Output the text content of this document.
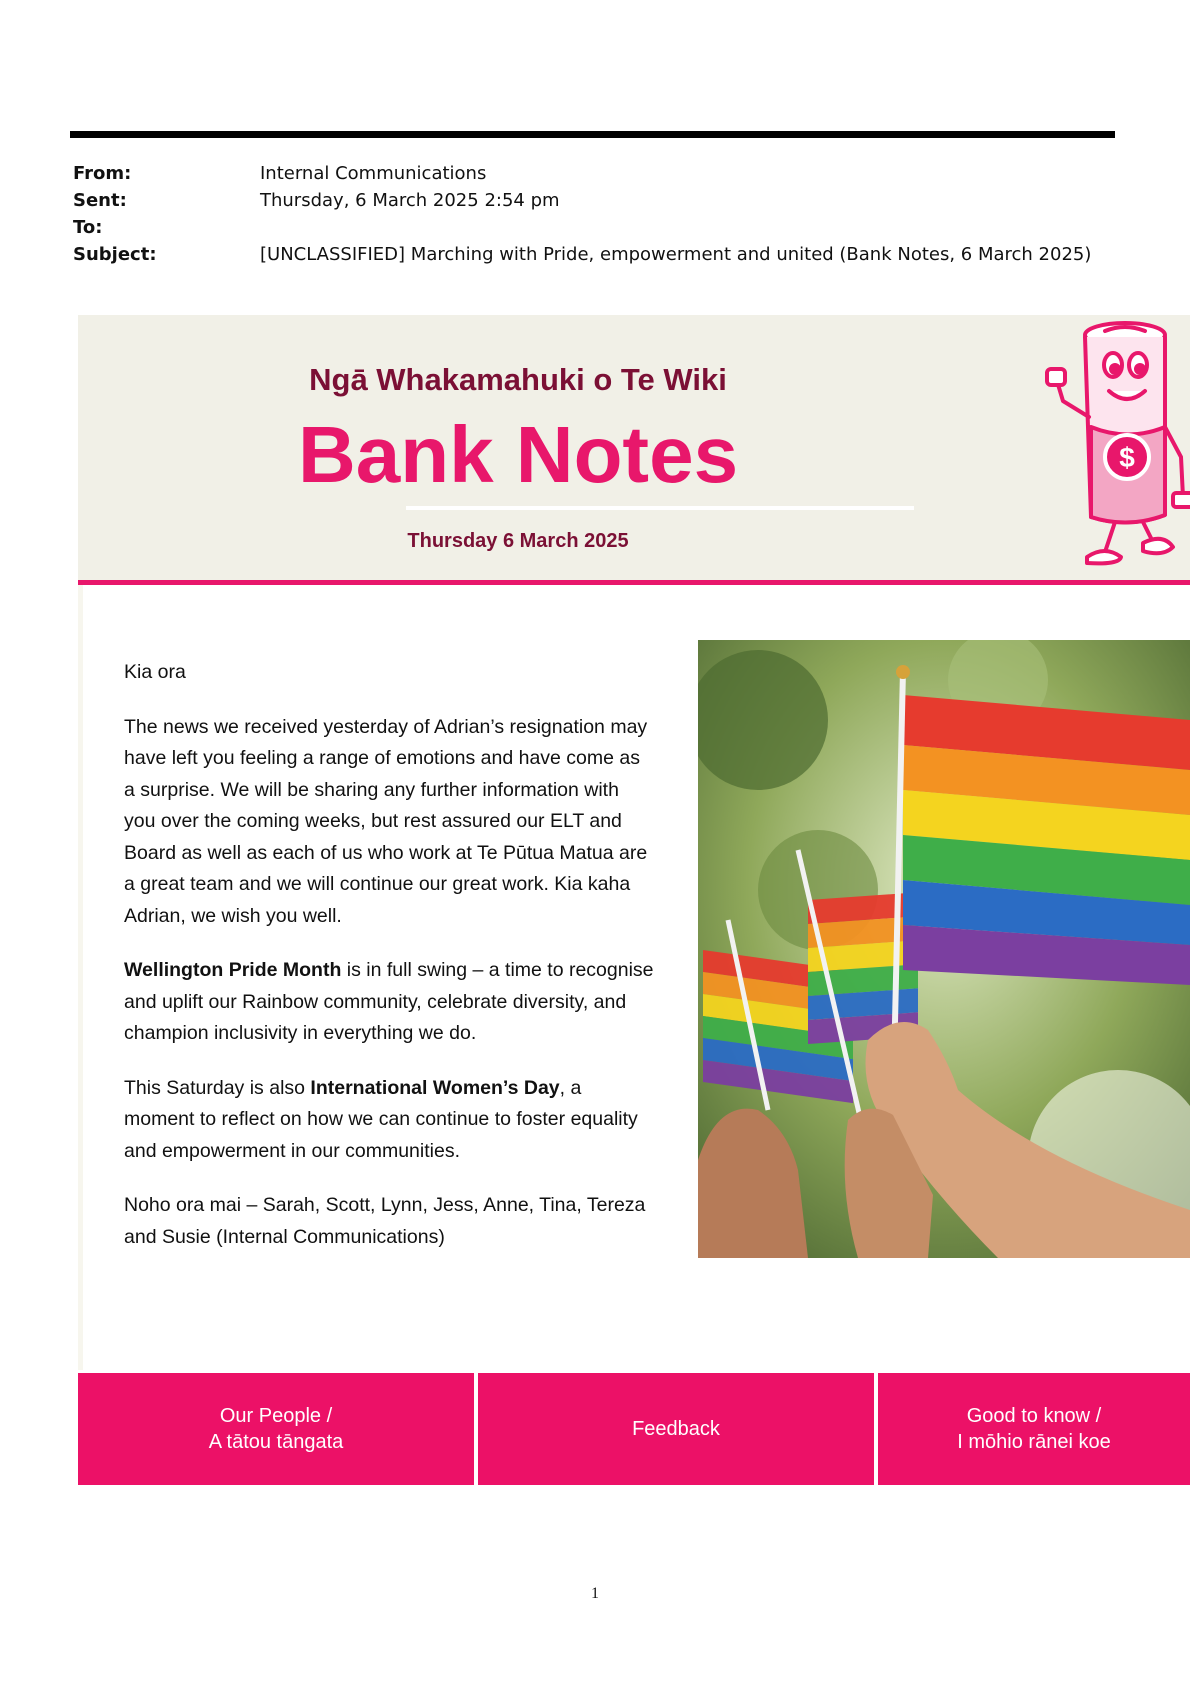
From:	Internal Communications
Sent:	Thursday, 6 March 2025 2:54 pm
To:
Subject:	[UNCLASSIFIED] Marching with Pride, empowerment and united (Bank Notes, 6 March 2025)
Ngā Whakamahuki o Te Wiki
Bank Notes
Thursday 6 March 2025
$

Kia ora

The news we received yesterday of Adrian’s resignation may have left you feeling a range of emotions and have come as a surprise. We will be sharing any further information with you over the coming weeks, but rest assured our ELT and Board as well as each of us who work at Te Pūtua Matua are a great team and we will continue our great work. Kia kaha Adrian, we wish you well.

Wellington Pride Month is in full swing – a time to recognise and uplift our Rainbow community, celebrate diversity, and champion inclusivity in everything we do.

This Saturday is also International Women’s Day, a moment to reflect on how we can continue to foster equality and empowerment in our communities.

Noho ora mai – Sarah, Scott, Lynn, Jess, Anne, Tina, Tereza and Susie (Internal Communications)

Our People /
A tātou tāngata
Feedback
Good to know /
I mōhio rānei koe
1
